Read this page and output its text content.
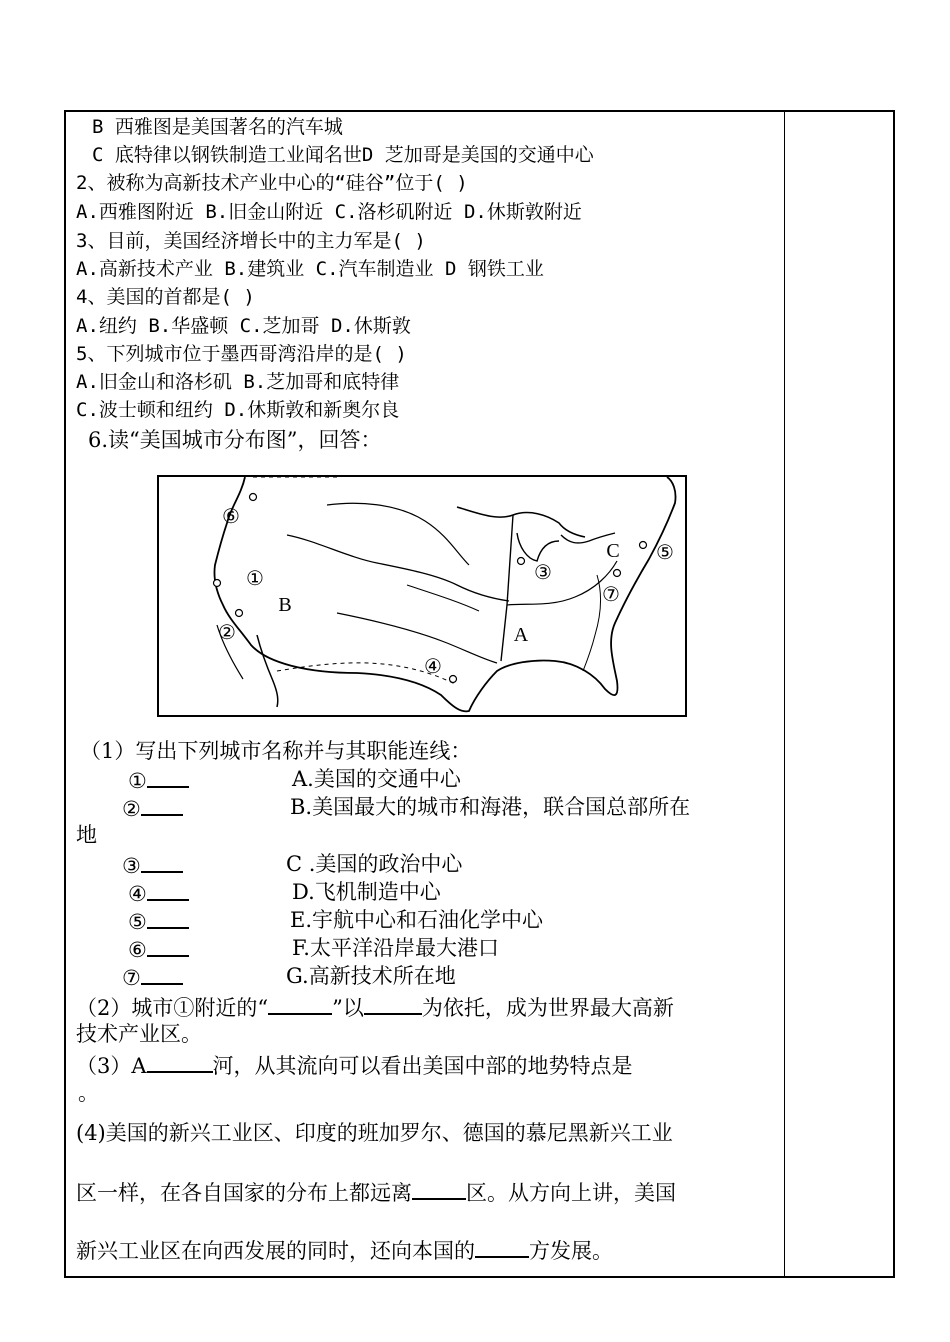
B 西雅图是美国著名的汽车城
C 底特律以钢铁制造工业闻名世D 芝加哥是美国的交通中心
2、被称为高新技术产业中心的“硅谷”位于( )
A.西雅图附近 B.旧金山附近 C.洛杉矶附近 D.休斯敦附近
3、目前，美国经济增长中的主力军是( )
A.高新技术产业 B.建筑业 C.汽车制造业 D 钢铁工业
4、美国的首都是( )
A.纽约 B.华盛顿 C.芝加哥 D.休斯敦
5、下列城市位于墨西哥湾沿岸的是( )
A.旧金山和洛杉矶 B.芝加哥和底特律
C.波士顿和纽约 D.休斯敦和新奥尔良
6.读“美国城市分布图”，回答：
⑥
①
②
④
③
⑤
⑦
B
A
C
（1）写出下列城市名称并与其职能连线：
①
②
③
④
⑤
⑥
⑦
A.美国的交通中心
B.美国最大的城市和海港，联合国总部所在
地
C .美国的政治中心
D.飞机制造中心
E.宇航中心和石油化学中心
F.太平洋沿岸最大港口
G.高新技术所在地
（2）城市①附近的“	”以	为依托，成为世界最大高新
技术产业区。
（3）A	河，从其流向可以看出美国中部的地势特点是
。
(4)美国的新兴工业区、印度的班加罗尔、德国的慕尼黑新兴工业
区一样，在各自国家的分布上都远离	区。从方向上讲，美国
新兴工业区在向西发展的同时，还向本国的	方发展。
